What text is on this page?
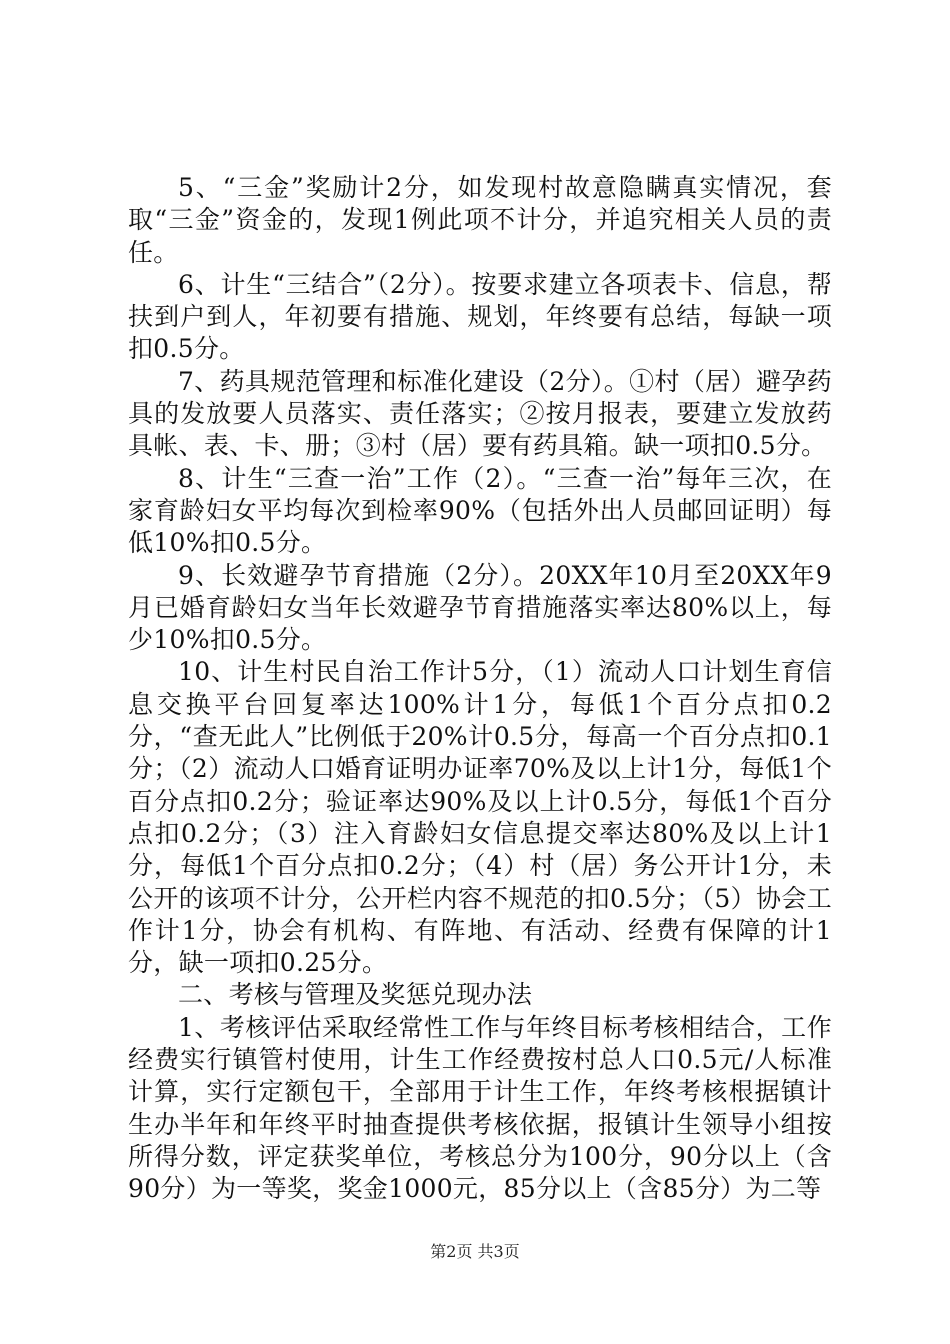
5、“三金”奖励计2分，如发现村故意隐瞒真实情况，套取“三金”资金的，发现1例此项不计分，并追究相关人员的责任。

6、计生“三结合”（2分）。按要求建立各项表卡、信息，帮扶到户到人，年初要有措施、规划，年终要有总结，每缺一项扣0.5分。

7、药具规范管理和标准化建设（2分）。①村（居）避孕药具的发放要人员落实、责任落实；②按月报表，要建立发放药具帐、表、卡、册；③村（居）要有药具箱。缺一项扣0.5分。

8、计生“三查一治”工作（2）。“三查一治”每年三次，在家育龄妇女平均每次到检率90%（包括外出人员邮回证明）每低10%扣0.5分。

9、长效避孕节育措施（2分）。20XX年10月至20XX年9月已婚育龄妇女当年长效避孕节育措施落实率达80%以上，每少10%扣0.5分。

10、计生村民自治工作计5分，（1）流动人口计划生育信息交换平台回复率达100%计1分，每低1个百分点扣0.2分，“查无此人”比例低于20%计0.5分，每高一个百分点扣0.1分；（2）流动人口婚育证明办证率70%及以上计1分，每低1个百分点扣0.2分；验证率达90%及以上计0.5分，每低1个百分点扣0.2分；（3）注入育龄妇女信息提交率达80%及以上计1分，每低1个百分点扣0.2分；（4）村（居）务公开计1分，未公开的该项不计分，公开栏内容不规范的扣0.5分；（5）协会工作计1分，协会有机构、有阵地、有活动、经费有保障的计1分，缺一项扣0.25分。

二、考核与管理及奖惩兑现办法

1、考核评估采取经常性工作与年终目标考核相结合，工作经费实行镇管村使用，计生工作经费按村总人口0.5元/人标准计算，实行定额包干，全部用于计生工作，年终考核根据镇计生办半年和年终平时抽查提供考核依据，报镇计生领导小组按所得分数，评定获奖单位，考核总分为100分，90分以上（含90分）为一等奖，奖金1000元，85分以上（含85分）为二等

第2页 共3页
